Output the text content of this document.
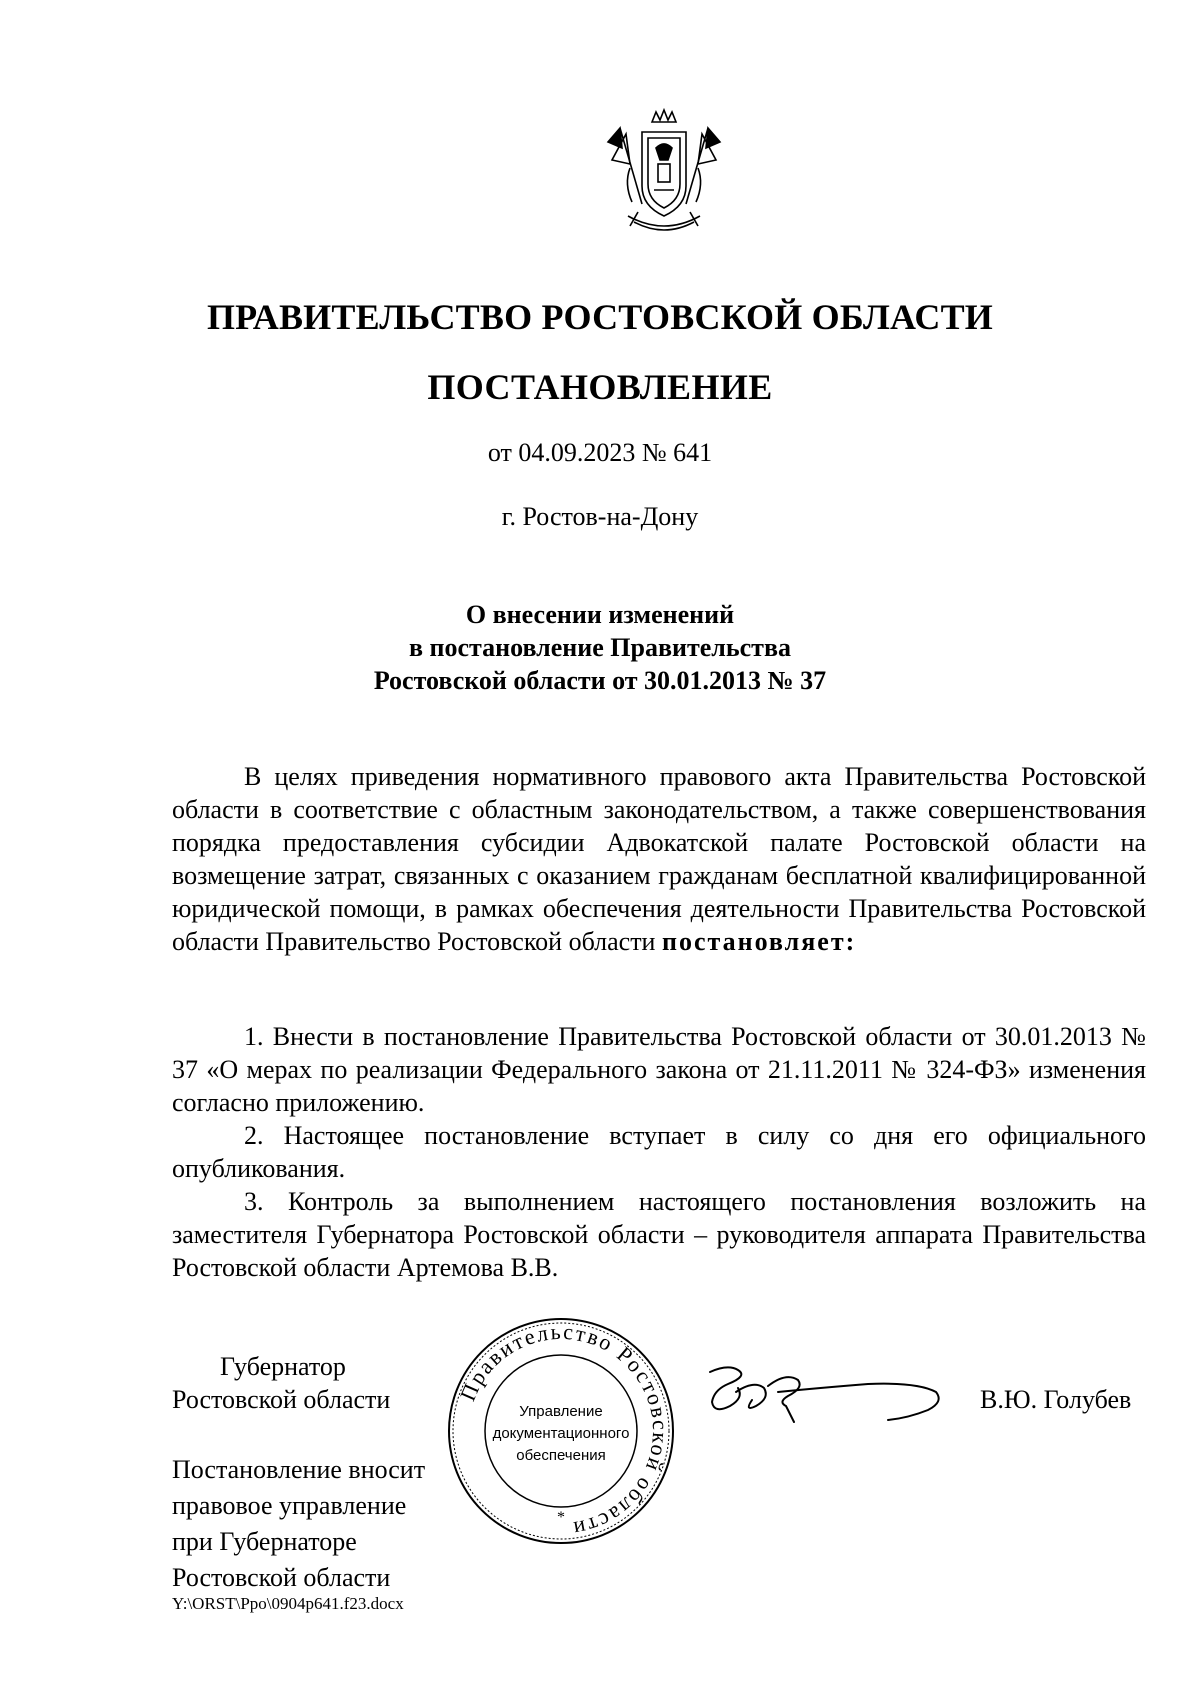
ПРАВИТЕЛЬСТВО РОСТОВСКОЙ ОБЛАСТИ
ПОСТАНОВЛЕНИЕ
от 04.09.2023 № 641
г. Ростов-на-Дону
О внесении изменений
в постановление Правительства
Ростовской области от 30.01.2013 № 37

В целях приведения нормативного правового акта Правительства Ростовской области в соответствие с областным законодательством, а также совершенствования порядка предоставления субсидии Адвокатской палате Ростовской области на возмещение затрат, связанных с оказанием гражданам бесплатной квалифицированной юридической помощи, в рамках обеспечения деятельности Правительства Ростовской области Правительство Ростовской области постановляет:

1. Внести в постановление Правительства Ростовской области от 30.01.2013 № 37 «О мерах по реализации Федерального закона от 21.11.2011 № 324-ФЗ» изменения согласно приложению.

2. Настоящее постановление вступает в силу со дня его официального опубликования.

3. Контроль за выполнением настоящего постановления возложить на заместителя Губернатора Ростовской области – руководителя аппарата Правительства Ростовской области Артемова В.В.

Губернатор
Ростовской области	В.Ю. Голубев
Правительство Ростовской области
Управление
документационного
обеспечения
*
Постановление вносит
правовое управление
при Губернаторе
Ростовской области
Y:\ORST\Ppo\0904p641.f23.docx
